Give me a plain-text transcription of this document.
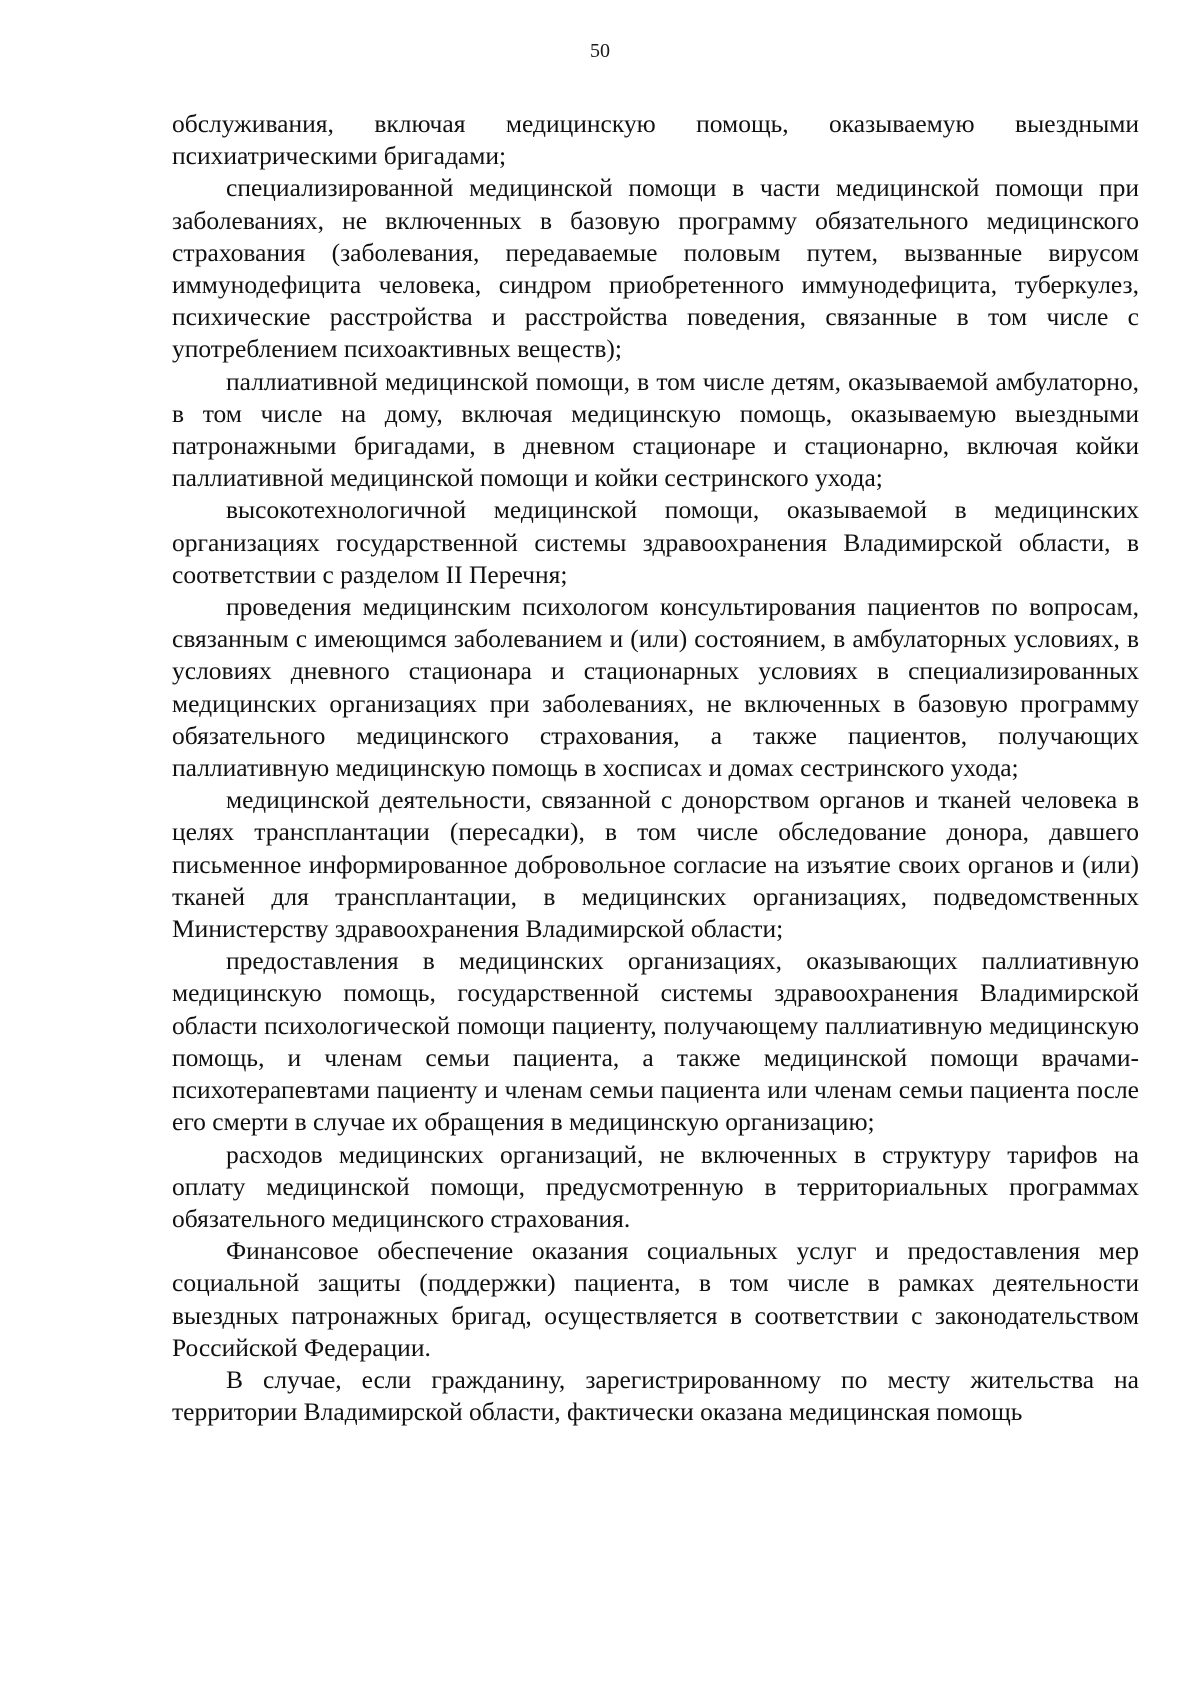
50

обслуживания, включая медицинскую помощь, оказываемую выездными психиатрическими бригадами;

специализированной медицинской помощи в части медицинской помощи при заболеваниях, не включенных в базовую программу обязательного медицинского страхования (заболевания, передаваемые половым путем, вызванные вирусом иммунодефицита человека, синдром приобретенного иммунодефицита, туберкулез, психические расстройства и расстройства поведения, связанные в том числе с употреблением психоактивных веществ);

паллиативной медицинской помощи, в том числе детям, оказываемой амбулаторно, в том числе на дому, включая медицинскую помощь, оказываемую выездными патронажными бригадами, в дневном стационаре и стационарно, включая койки паллиативной медицинской помощи и койки сестринского ухода;

высокотехнологичной медицинской помощи, оказываемой в медицинских организациях государственной системы здравоохранения Владимирской области, в соответствии с разделом II Перечня;

проведения медицинским психологом консультирования пациентов по вопросам, связанным с имеющимся заболеванием и (или) состоянием, в амбулаторных условиях, в условиях дневного стационара и стационарных условиях в специализированных медицинских организациях при заболеваниях, не включенных в базовую программу обязательного медицинского страхования, а также пациентов, получающих паллиативную медицинскую помощь в хосписах и домах сестринского ухода;

медицинской деятельности, связанной с донорством органов и тканей человека в целях трансплантации (пересадки), в том числе обследование донора, давшего письменное информированное добровольное согласие на изъятие своих органов и (или) тканей для трансплантации, в медицинских организациях, подведомственных Министерству здравоохранения Владимирской области;

предоставления в медицинских организациях, оказывающих паллиативную медицинскую помощь, государственной системы здравоохранения Владимирской области психологической помощи пациенту, получающему паллиативную медицинскую помощь, и членам семьи пациента, а также медицинской помощи врачами-психотерапевтами пациенту и членам семьи пациента или членам семьи пациента после его смерти в случае их обращения в медицинскую организацию;

расходов медицинских организаций, не включенных в структуру тарифов на оплату медицинской помощи, предусмотренную в территориальных программах обязательного медицинского страхования.

Финансовое обеспечение оказания социальных услуг и предоставления мер социальной защиты (поддержки) пациента, в том числе в рамках деятельности выездных патронажных бригад, осуществляется в соответствии с законодательством Российской Федерации.

В случае, если гражданину, зарегистрированному по месту жительства на территории Владимирской области, фактически оказана медицинская помощь
